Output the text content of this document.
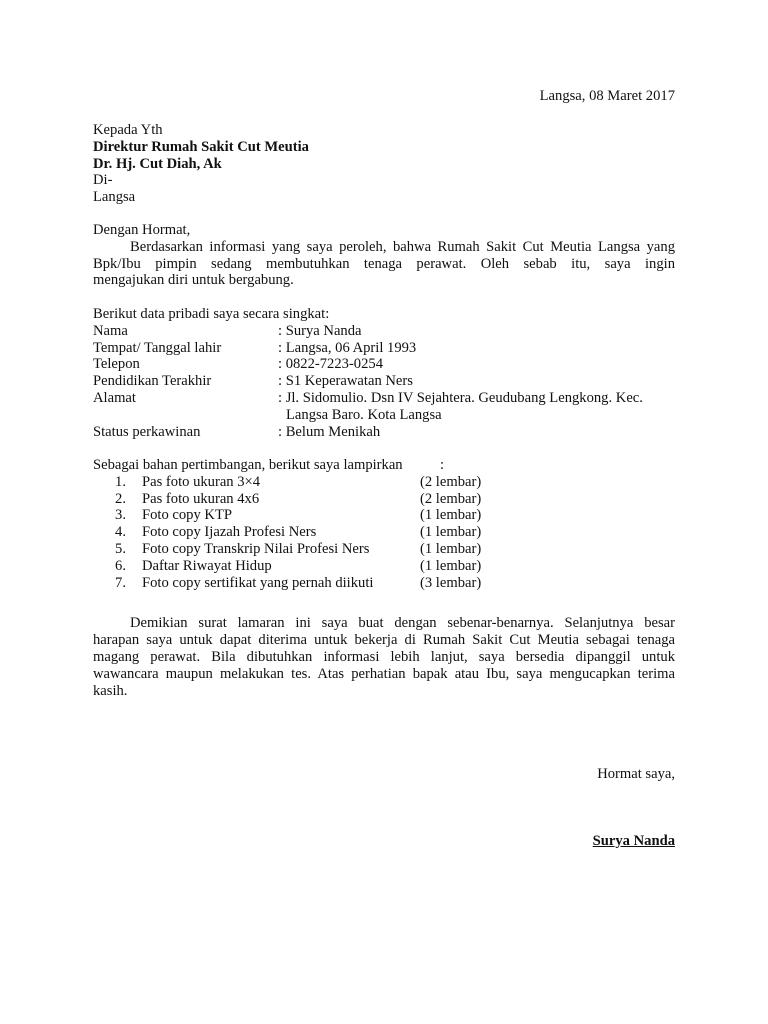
Langsa, 08 Maret 2017
Kepada Yth
Direktur Rumah Sakit Cut Meutia
Dr. Hj. Cut Diah, Ak
Di-
Langsa
Dengan Hormat,
Berdasarkan informasi yang saya peroleh, bahwa Rumah Sakit Cut Meutia Langsa yang
Bpk/Ibu pimpin sedang membutuhkan tenaga perawat. Oleh sebab itu, saya ingin
mengajukan diri untuk bergabung.
Berikut data pribadi saya secara singkat:
Nama	: Surya Nanda
Tempat/ Tanggal lahir	: Langsa, 06 April 1993
Telepon	: 0822-7223-0254
Pendidikan Terakhir	: S1 Keperawatan Ners
Alamat	: Jl. Sidomulio. Dsn IV Sejahtera. Geudubang Lengkong. Kec.
Langsa Baro. Kota Langsa
Status perkawinan	: Belum Menikah
Sebagai bahan pertimbangan, berikut saya lampirkan	:
1. Pas foto ukuran 3×4	(2 lembar)
2. Pas foto ukuran 4x6	(2 lembar)
3. Foto copy KTP	(1 lembar)
4. Foto copy Ijazah Profesi Ners	(1 lembar)
5. Foto copy Transkrip Nilai Profesi Ners	(1 lembar)
6. Daftar Riwayat Hidup	(1 lembar)
7. Foto copy sertifikat yang pernah diikuti	(3 lembar)
Demikian surat lamaran ini saya buat dengan sebenar-benarnya. Selanjutnya besar
harapan saya untuk dapat diterima untuk bekerja di Rumah Sakit Cut Meutia sebagai tenaga
magang perawat. Bila dibutuhkan informasi lebih lanjut, saya bersedia dipanggil untuk
wawancara maupun melakukan tes. Atas perhatian bapak atau Ibu, saya mengucapkan terima
kasih.
Hormat saya,
Surya Nanda
